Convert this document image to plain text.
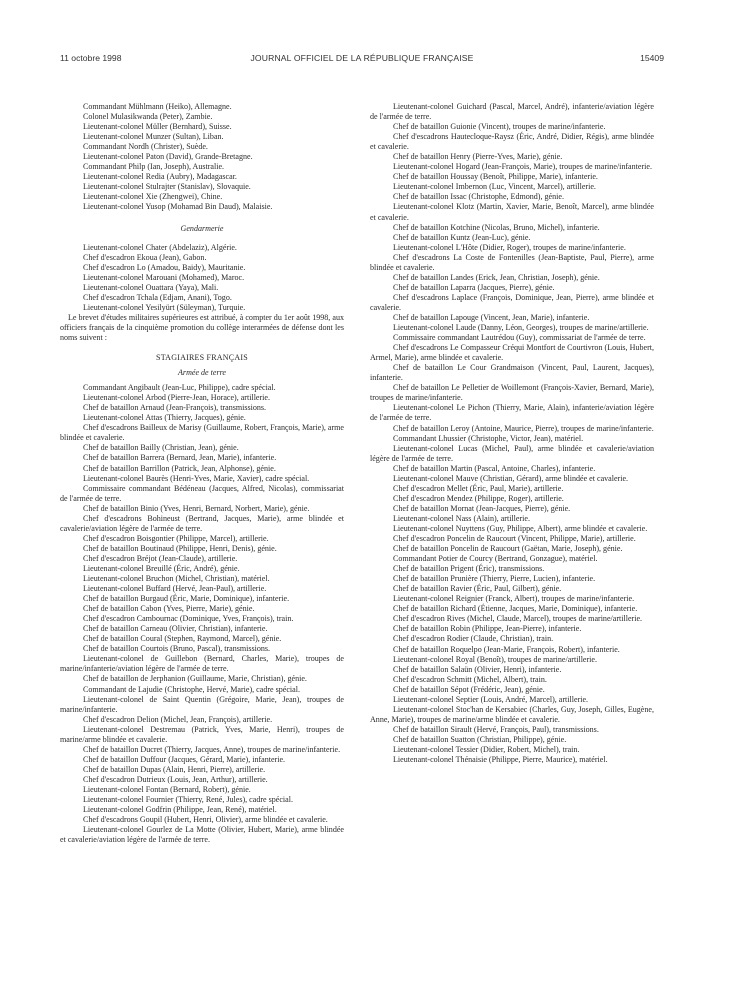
11 octobre 1998	JOURNAL OFFICIEL DE LA RÉPUBLIQUE FRANÇAISE	15409

Commandant Mühlmann (Heiko), Allemagne.

Colonel Mulasikwanda (Peter), Zambie.

Lieutenant-colonel Müller (Bernhard), Suisse.

Lieutenant-colonel Munzer (Sultan), Liban.

Commandant Nordh (Christer), Suède.

Lieutenant-colonel Paton (David), Grande-Bretagne.

Commandant Philp (Ian, Joseph), Australie.

Lieutenant-colonel Redia (Aubry), Madagascar.

Lieutenant-colonel Stulrajter (Stanislav), Slovaquie.

Lieutenant-colonel Xie (Zhengwei), Chine.

Lieutenant-colonel Yusop (Mohamad Bin Daud), Malaisie.

Gendarmerie

Lieutenant-colonel Chater (Abdelaziz), Algérie.

Chef d'escadron Ekoua (Jean), Gabon.

Chef d'escadron Lo (Amadou, Baidy), Mauritanie.

Lieutenant-colonel Marouani (Mohamed), Maroc.

Lieutenant-colonel Ouattara (Yaya), Mali.

Chef d'escadron Tchala (Edjam, Anani), Togo.

Lieutenant-colonel Yesilyürt (Süleyman), Turquie.

Le brevet d'études militaires supérieures est attribué, à compter du 1er août 1998, aux officiers français de la cinquième promotion du collège interarmées de défense dont les noms suivent :

STAGIAIRES FRANÇAIS
Armée de terre

Commandant Angibault (Jean-Luc, Philippe), cadre spécial.

Lieutenant-colonel Arbod (Pierre-Jean, Horace), artillerie.

Chef de bataillon Arnaud (Jean-François), transmissions.

Lieutenant-colonel Attas (Thierry, Jacques), génie.

Chef d'escadrons Bailleux de Marisy (Guillaume, Robert, François, Marie), arme blindée et cavalerie.

Chef de bataillon Bailly (Christian, Jean), génie.

Chef de bataillon Barrera (Bernard, Jean, Marie), infanterie.

Chef de bataillon Barrillon (Patrick, Jean, Alphonse), génie.

Lieutenant-colonel Baurès (Henri-Yves, Marie, Xavier), cadre spécial.

Commissaire commandant Bédéneau (Jacques, Alfred, Nicolas), commissariat de l'armée de terre.

Chef de bataillon Binio (Yves, Henri, Bernard, Norbert, Marie), génie.

Chef d'escadrons Bohineust (Bertrand, Jacques, Marie), arme blindée et cavalerie/aviation légère de l'armée de terre.

Chef d'escadron Boisgontier (Philippe, Marcel), artillerie.

Chef de bataillon Boutinaud (Philippe, Henri, Denis), génie.

Chef d'escadron Bréjot (Jean-Claude), artillerie.

Lieutenant-colonel Breuillé (Éric, André), génie.

Lieutenant-colonel Bruchon (Michel, Christian), matériel.

Lieutenant-colonel Buffard (Hervé, Jean-Paul), artillerie.

Chef de bataillon Burgaud (Éric, Marie, Dominique), infanterie.

Chef de bataillon Cabon (Yves, Pierre, Marie), génie.

Chef d'escadron Cambournac (Dominique, Yves, François), train.

Chef de bataillon Carneau (Olivier, Christian), infanterie.

Chef de bataillon Coural (Stephen, Raymond, Marcel), génie.

Chef de bataillon Courtois (Bruno, Pascal), transmissions.

Lieutenant-colonel de Guillebon (Bernard, Charles, Marie), troupes de marine/infanterie/aviation légère de l'armée de terre.

Chef de bataillon de Jerphanion (Guillaume, Marie, Christian), génie.

Commandant de Lajudie (Christophe, Hervé, Marie), cadre spécial.

Lieutenant-colonel de Saint Quentin (Grégoire, Marie, Jean), troupes de marine/infanterie.

Chef d'escadron Delion (Michel, Jean, François), artillerie.

Lieutenant-colonel Destremau (Patrick, Yves, Marie, Henri), troupes de marine/arme blindée et cavalerie.

Chef de bataillon Ducret (Thierry, Jacques, Anne), troupes de marine/infanterie.

Chef de bataillon Duffour (Jacques, Gérard, Marie), infanterie.

Chef de bataillon Dupas (Alain, Henri, Pierre), artillerie.

Chef d'escadron Dutrieux (Louis, Jean, Arthur), artillerie.

Lieutenant-colonel Fontan (Bernard, Robert), génie.

Lieutenant-colonel Fournier (Thierry, René, Jules), cadre spécial.

Lieutenant-colonel Godfrin (Philippe, Jean, René), matériel.

Chef d'escadrons Goupil (Hubert, Henri, Olivier), arme blindée et cavalerie.

Lieutenant-colonel Gourlez de La Motte (Olivier, Hubert, Marie), arme blindée et cavalerie/aviation légère de l'armée de terre.

Lieutenant-colonel Guichard (Pascal, Marcel, André), infanterie/aviation légère de l'armée de terre.

Chef de bataillon Guionie (Vincent), troupes de marine/infanterie.

Chef d'escadrons Hautecloque-Raysz (Éric, André, Didier, Régis), arme blindée et cavalerie.

Chef de bataillon Henry (Pierre-Yves, Marie), génie.

Lieutenant-colonel Hogard (Jean-François, Marie), troupes de marine/infanterie.

Chef de bataillon Houssay (Benoît, Philippe, Marie), infanterie.

Lieutenant-colonel Imbernon (Luc, Vincent, Marcel), artillerie.

Chef de bataillon Issac (Christophe, Edmond), génie.

Lieutenant-colonel Klotz (Martin, Xavier, Marie, Benoît, Marcel), arme blindée et cavalerie.

Chef de bataillon Kotchine (Nicolas, Bruno, Michel), infanterie.

Chef de bataillon Kuntz (Jean-Luc), génie.

Lieutenant-colonel L'Hôte (Didier, Roger), troupes de marine/infanterie.

Chef d'escadrons La Coste de Fontenilles (Jean-Baptiste, Paul, Pierre), arme blindée et cavalerie.

Chef de bataillon Landes (Erick, Jean, Christian, Joseph), génie.

Chef de bataillon Laparra (Jacques, Pierre), génie.

Chef d'escadrons Laplace (François, Dominique, Jean, Pierre), arme blindée et cavalerie.

Chef de bataillon Lapouge (Vincent, Jean, Marie), infanterie.

Lieutenant-colonel Laude (Danny, Léon, Georges), troupes de marine/artillerie.

Commissaire commandant Lautrédou (Guy), commissariat de l'armée de terre.

Chef d'escadrons Le Compasseur Créqui Montfort de Courtivron (Louis, Hubert, Armel, Marie), arme blindée et cavalerie.

Chef de bataillon Le Cour Grandmaison (Vincent, Paul, Laurent, Jacques), infanterie.

Chef de bataillon Le Pelletier de Woillemont (François-Xavier, Bernard, Marie), troupes de marine/infanterie.

Lieutenant-colonel Le Pichon (Thierry, Marie, Alain), infanterie/aviation légère de l'armée de terre.

Chef de bataillon Leroy (Antoine, Maurice, Pierre), troupes de marine/infanterie.

Commandant Lhussier (Christophe, Victor, Jean), matériel.

Lieutenant-colonel Lucas (Michel, Paul), arme blindée et cavalerie/aviation légère de l'armée de terre.

Chef de bataillon Martin (Pascal, Antoine, Charles), infanterie.

Lieutenant-colonel Mauve (Christian, Gérard), arme blindée et cavalerie.

Chef d'escadron Mellet (Éric, Paul, Marie), artillerie.

Chef d'escadron Mendez (Philippe, Roger), artillerie.

Chef de bataillon Mornat (Jean-Jacques, Pierre), génie.

Lieutenant-colonel Nass (Alain), artillerie.

Lieutenant-colonel Nuyttens (Guy, Philippe, Albert), arme blindée et cavalerie.

Chef d'escadron Poncelin de Raucourt (Vincent, Philippe, Marie), artillerie.

Chef de bataillon Poncelin de Raucourt (Gaëtan, Marie, Joseph), génie.

Commandant Potier de Courcy (Bertrand, Gonzague), matériel.

Chef de bataillon Prigent (Éric), transmissions.

Chef de bataillon Prunière (Thierry, Pierre, Lucien), infanterie.

Chef de bataillon Ravier (Éric, Paul, Gilbert), génie.

Lieutenant-colonel Reignier (Franck, Albert), troupes de marine/infanterie.

Chef de bataillon Richard (Étienne, Jacques, Marie, Dominique), infanterie.

Chef d'escadron Rives (Michel, Claude, Marcel), troupes de marine/artillerie.

Chef de bataillon Robin (Philippe, Jean-Pierre), infanterie.

Chef d'escadron Rodier (Claude, Christian), train.

Chef de bataillon Roquelpo (Jean-Marie, François, Robert), infanterie.

Lieutenant-colonel Royal (Benoît), troupes de marine/artillerie.

Chef de bataillon Salaün (Olivier, Henri), infanterie.

Chef d'escadron Schmitt (Michel, Albert), train.

Chef de bataillon Sépot (Frédéric, Jean), génie.

Lieutenant-colonel Septier (Louis, André, Marcel), artillerie.

Lieutenant-colonel Stoc'han de Kersabiec (Charles, Guy, Joseph, Gilles, Eugène, Anne, Marie), troupes de marine/arme blindée et cavalerie.

Chef de bataillon Sirault (Hervé, François, Paul), transmissions.

Chef de bataillon Suatton (Christian, Philippe), génie.

Lieutenant-colonel Tessier (Didier, Robert, Michel), train.

Lieutenant-colonel Thénaisie (Philippe, Pierre, Maurice), matériel.
